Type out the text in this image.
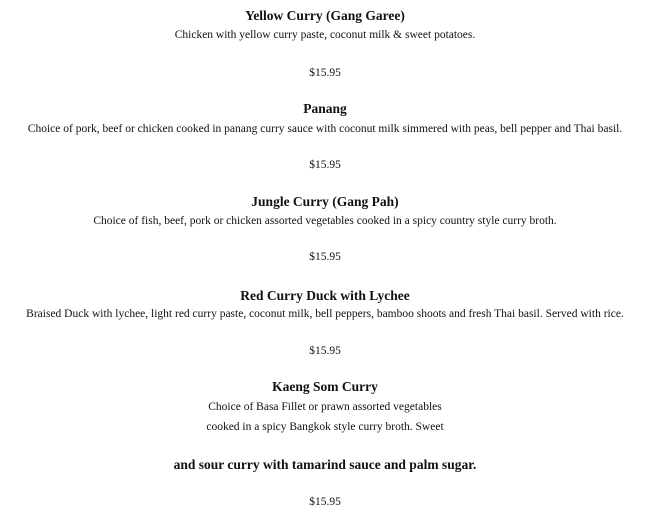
Yellow Curry (Gang Garee)
Chicken with yellow curry paste, coconut milk & sweet potatoes.
$15.95
Panang
Choice of pork, beef or chicken cooked in panang curry sauce with coconut milk simmered with peas, bell pepper and Thai basil.
$15.95
Jungle Curry (Gang Pah)
Choice of fish, beef, pork or chicken assorted vegetables cooked in a spicy country style curry broth.
$15.95
Red Curry Duck with Lychee
Braised Duck with lychee, light red curry paste, coconut milk, bell peppers, bamboo shoots and fresh Thai basil. Served with rice.
$15.95
Kaeng Som Curry
Choice of Basa Fillet or prawn assorted vegetables
cooked in a spicy Bangkok style curry broth. Sweet
and sour curry with tamarind sauce and palm sugar.
$15.95
